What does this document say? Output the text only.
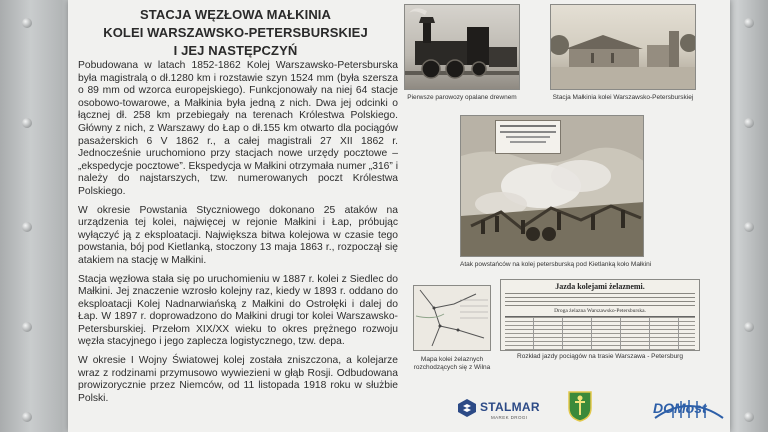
STACJA WĘZŁOWA MAŁKINIA
KOLEI WARSZAWSKO-PETERSBURSKIEJ
I JEJ NASTĘPCZYŃ

Pobudowana w latach 1852-1862 Kolej Warszawsko-Petersburska była magistralą o dł.1280 km i rozstawie szyn 1524 mm (była szersza o 89 mm od wzorca europejskiego). Funkcjonowały na niej 64 stacje osobowo-towarowe, a Małkinia była jedną z nich. Dwa jej odcinki o łącznej dł. 258 km przebiegały na terenach Królestwa Polskiego. Główny z nich, z Warszawy do Łap o dł.155 km otwarto dla pociągów pasażerskich 6 V 1862 r., a całej magistrali 27 XII 1862 r. Jednocześnie uruchomiono przy stacjach nowe urzędy pocztowe – „ekspedycje pocztowe”. Ekspedycja w Małkini otrzymała numer „316” i należy do najstarszych, tzw. numerowanych poczt Królestwa Polskiego.

W okresie Powstania Styczniowego dokonano 25 ataków na urządzenia tej kolei, najwięcej w rejonie Małkini i Łap, próbując wyłączyć ją z eksploatacji. Największa bitwa kolejowa w czasie tego powstania, bój pod Kietlanką, stoczony 13 maja 1863 r., rozpoczął się atakiem na stację w Małkini.

Stacja węzłowa stała się po uruchomieniu w 1887 r. kolei z Siedlec do Małkini. Jej znaczenie wzrosło kolejny raz, kiedy w 1893 r. oddano do eksploatacji Kolej Nadnarwiańską z Małkini do Ostrołęki i dalej do Łap. W 1897 r. doprowadzono do Małkini drugi tor kolei Warszawsko-Petersburskiej. Przełom XIX/XX wieku to okres prężnego rozwoju węzła stacyjnego i jego zaplecza logistycznego, tzw. depa.

W okresie I Wojny Światowej kolej została zniszczona, a kolejarze wraz z rodzinami przymusowo wywiezieni w głąb Rosji. Odbudowana prowizorycznie przez Niemców, od 11 listopada 1918 roku w służbie Polski.

Pierwsze parowozy opalane drewnem	Stacja Małkinia kolei Warszawsko-Petersburskiej
Atak powstańców na kolej petersburską pod Kietlanką koło Małkini
Mapa kolei żelaznych
rozchodzących się z Wilna
Jazda kolejami żelaznemi.
Droga żelazna Warszawsko-Petersburska.
Rozkład jazdy pociągów na trasie Warszawa - Petersburg
STALMAR
MAREK DROGI
DOMost
